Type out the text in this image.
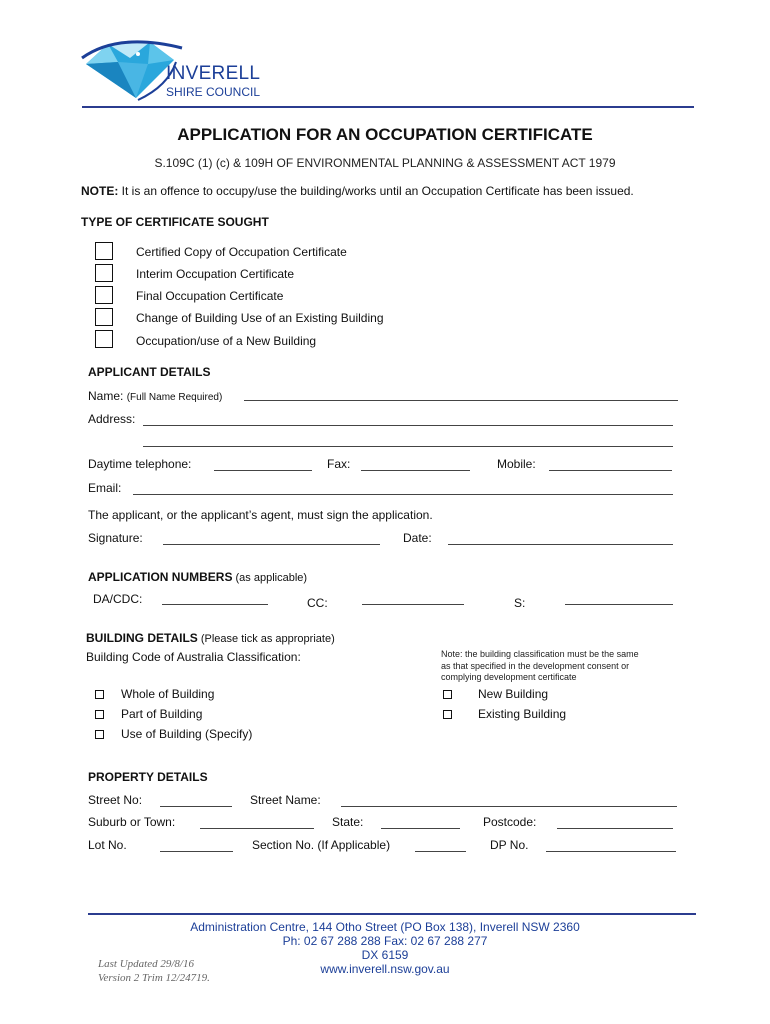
INVERELL
SHIRE COUNCIL
APPLICATION FOR AN OCCUPATION CERTIFICATE
S.109C (1) (c) & 109H OF ENVIRONMENTAL PLANNING & ASSESSMENT ACT 1979
NOTE: It is an offence to occupy/use the building/works until an Occupation Certificate has been issued.
TYPE OF CERTIFICATE SOUGHT
Certified Copy of Occupation Certificate
Interim Occupation Certificate
Final Occupation Certificate
Change of Building Use of an Existing Building
Occupation/use of a New Building
APPLICANT DETAILS
Name: (Full Name Required)
Address:
Daytime telephone:	Fax:	Mobile:
Email:
The applicant, or the applicant’s agent, must sign the application.
Signature:	Date:
APPLICATION NUMBERS (as applicable)
DA/CDC:	CC:	S:
BUILDING DETAILS (Please tick as appropriate)
Building Code of Australia Classification:	Note: the building classification must be the same
as that specified in the development consent or
complying development certificate
Whole of Building
Part of Building
Use of Building (Specify)
New Building
Existing Building
PROPERTY DETAILS
Street No:	Street Name:
Suburb or Town:	State:	Postcode:
Lot No.	Section No. (If Applicable)	DP No.
Administration Centre, 144 Otho Street (PO Box 138), Inverell NSW 2360
Ph: 02 67 288 288 Fax: 02 67 288 277
DX 6159
www.inverell.nsw.gov.au
Last Updated 29/8/16
Version 2 Trim 12/24719.
